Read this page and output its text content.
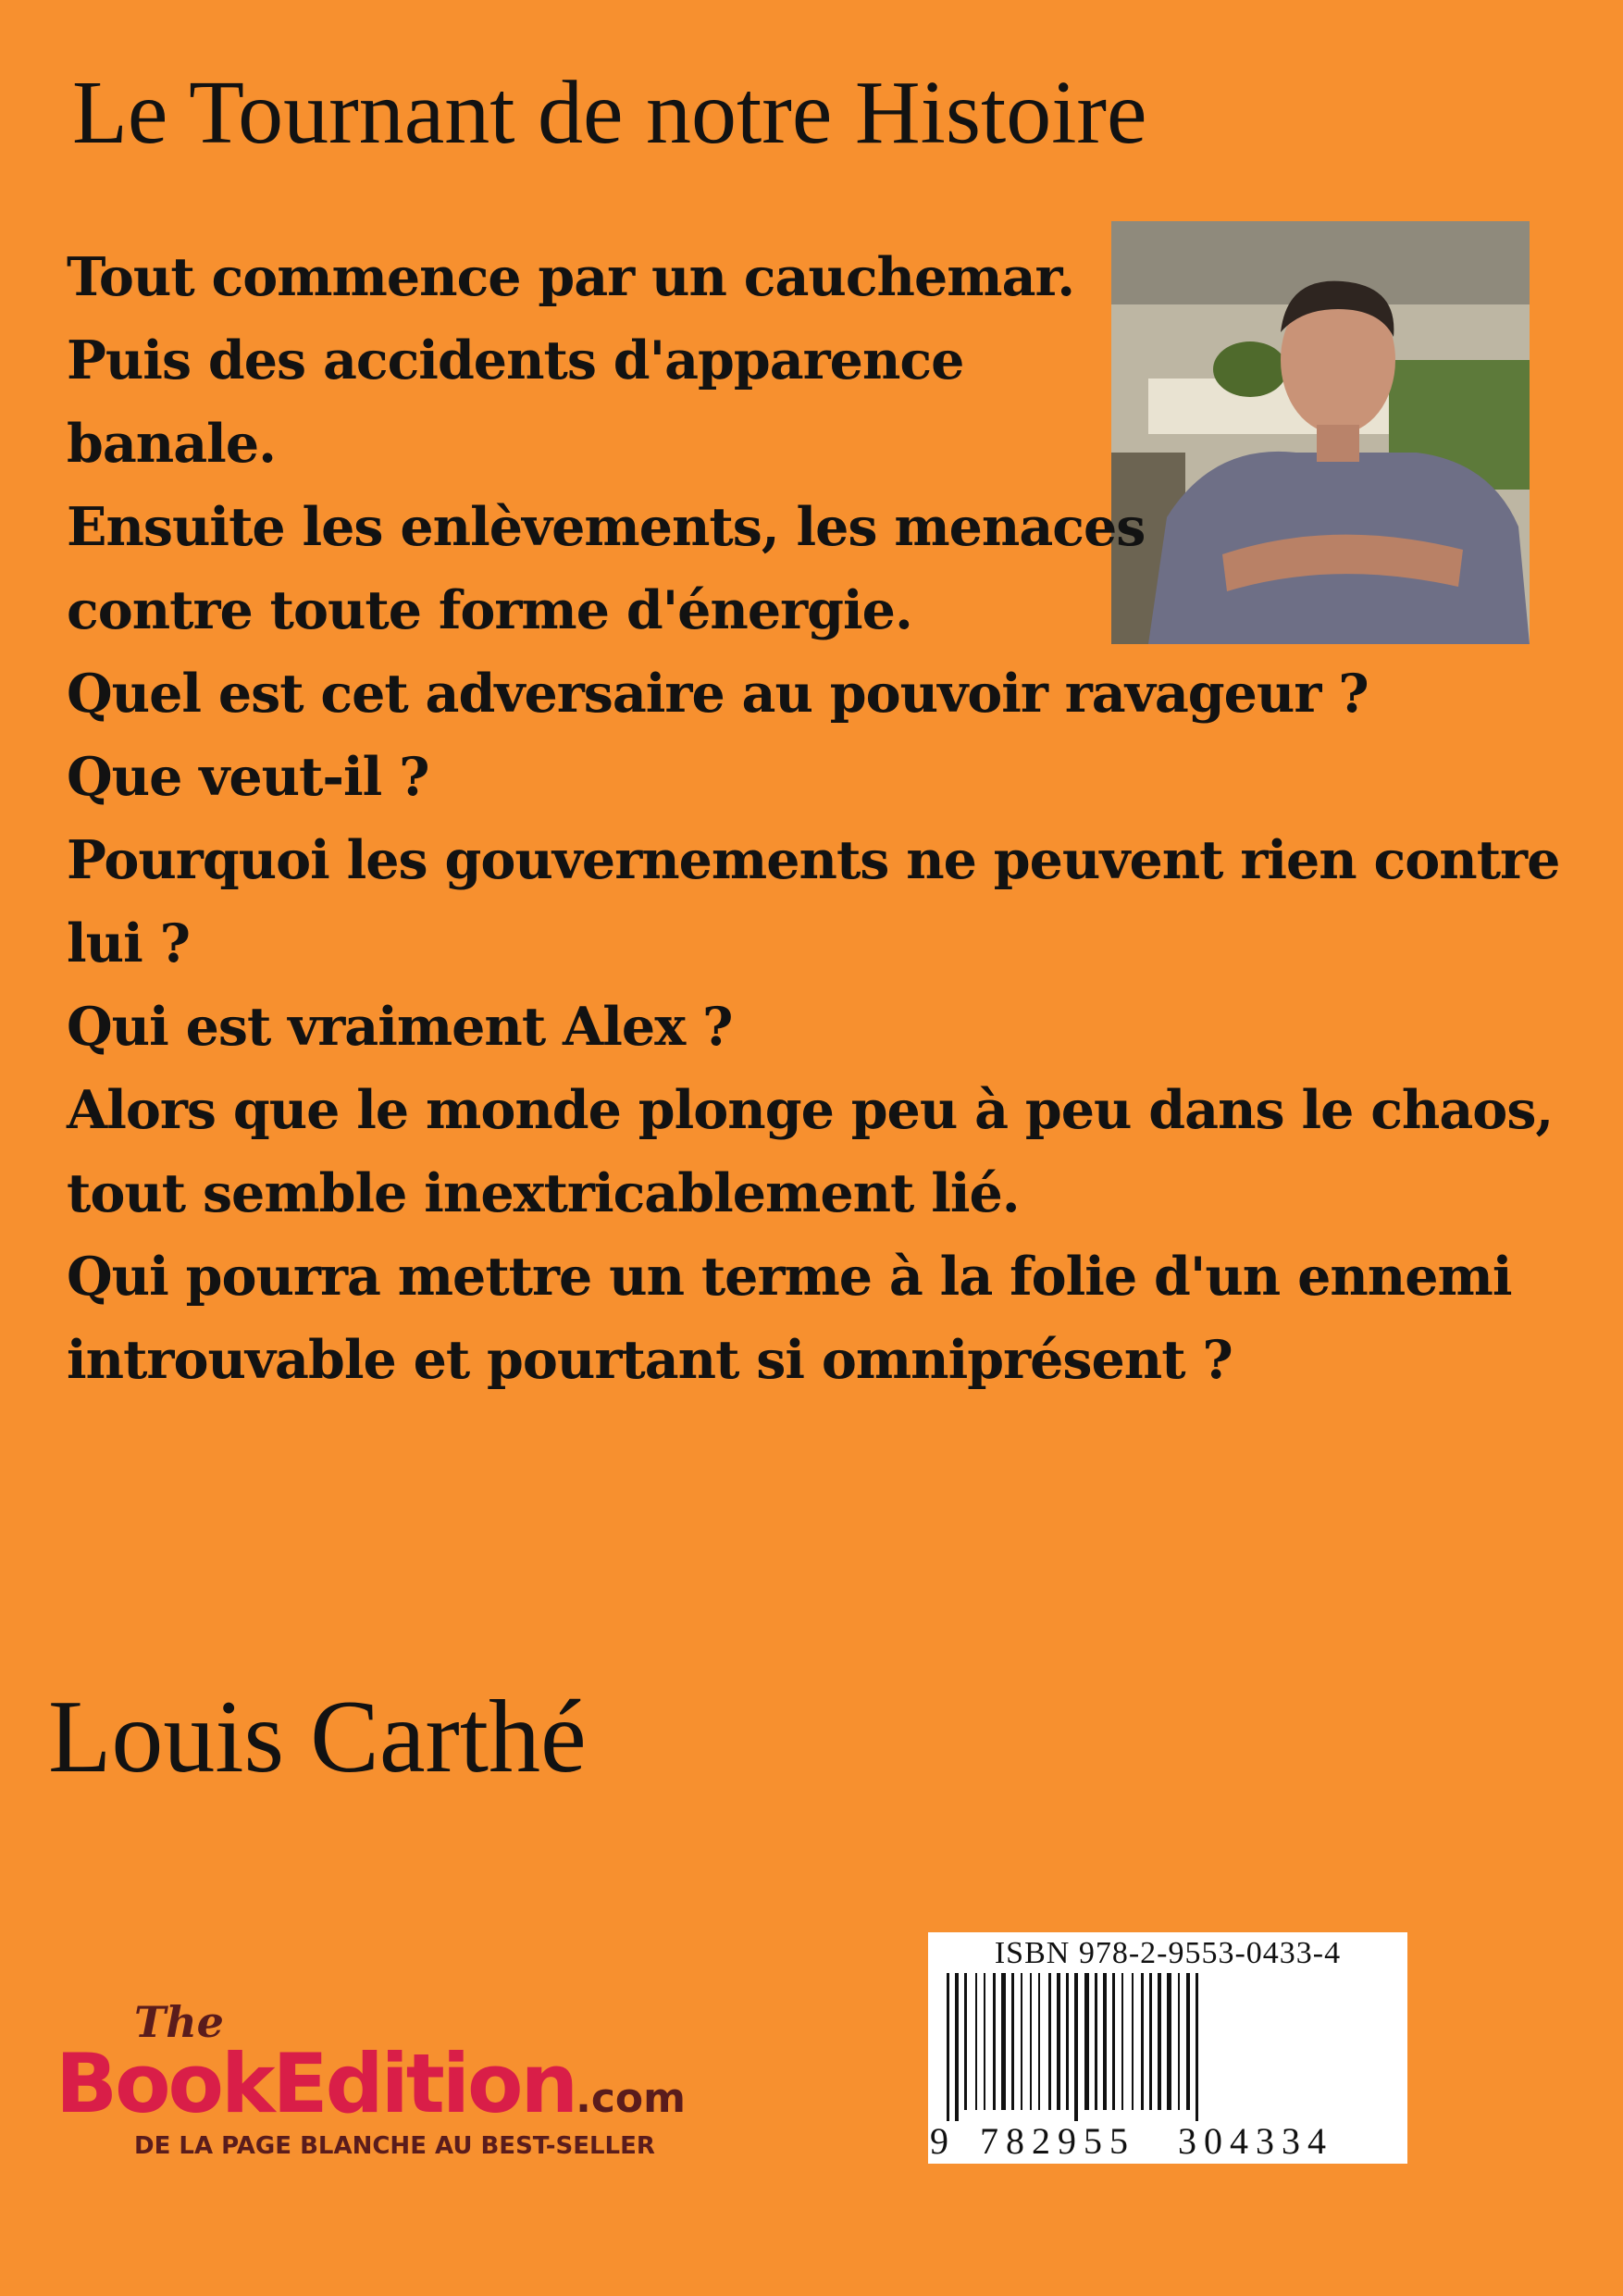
Le Tournant de notre Histoire
Tout commence par un cauchemar.
Puis des accidents d'apparence
banale.
Ensuite les enlèvements, les menaces
contre toute forme d'énergie.
Quel est cet adversaire au pouvoir ravageur ?
Que veut-il ?
Pourquoi les gouvernements ne peuvent rien contre
lui ?
Qui est vraiment Alex ?
Alors que le monde plonge peu à peu dans le chaos,
tout semble inextricablement lié.
Qui pourra mettre un terme à la folie d'un ennemi
introuvable et pourtant si omniprésent ?
Louis Carthé
The
BookEdition.com
DE LA PAGE BLANCHE AU BEST-SELLER
ISBN 978-2-9553-0433-4
9 782955 304334
